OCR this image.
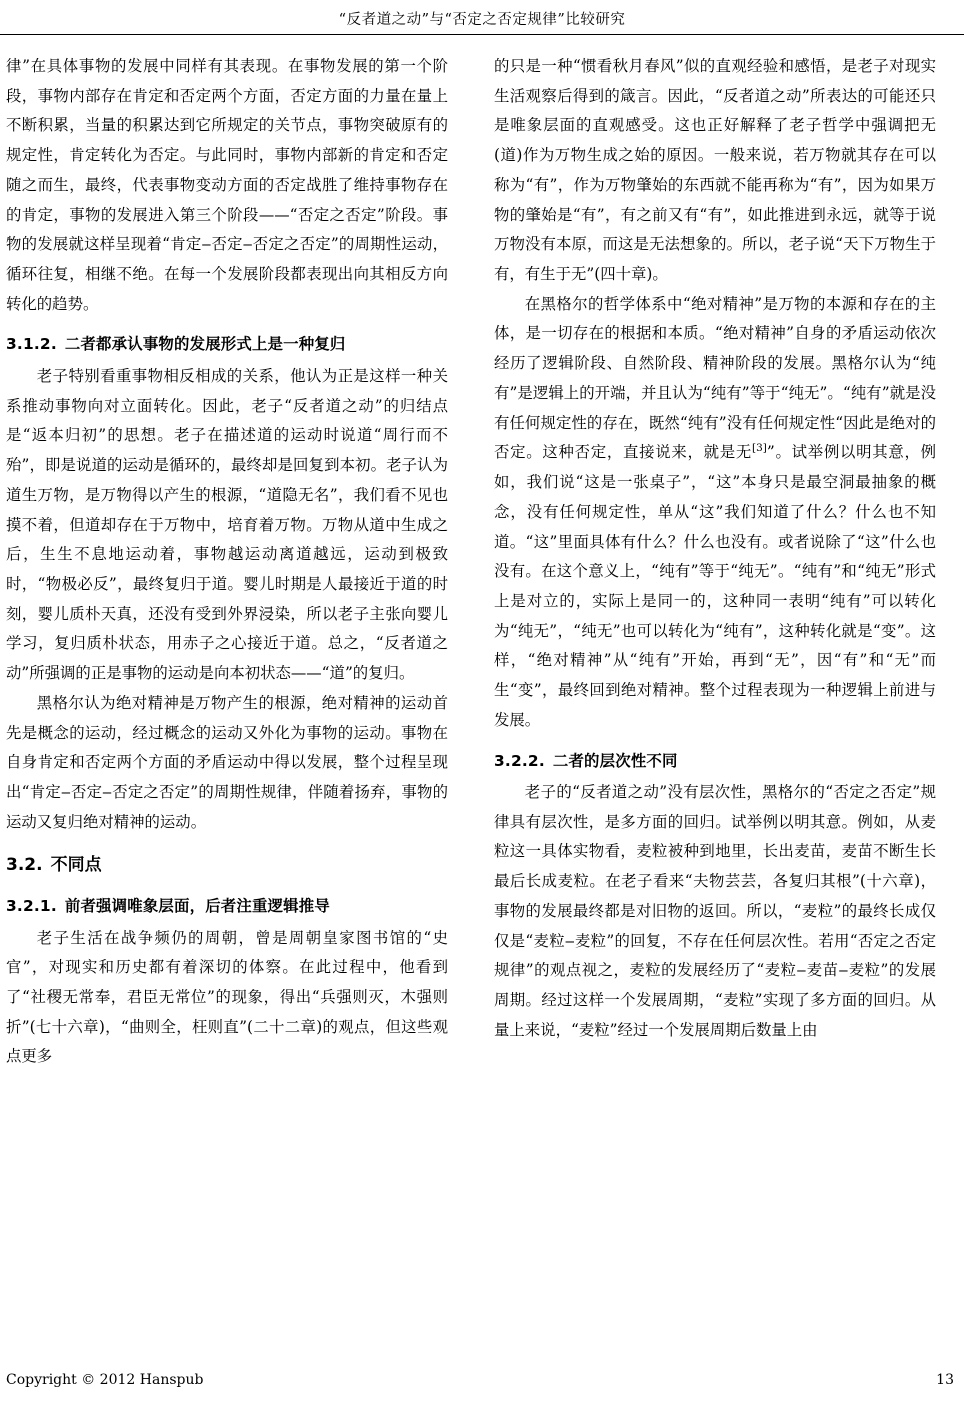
“反者道之动”与“否定之否定规律”比较研究

律”在具体事物的发展中同样有其表现。在事物发展的第一个阶段，事物内部存在肯定和否定两个方面，否定方面的力量在量上不断积累，当量的积累达到它所规定的关节点，事物突破原有的规定性，肯定转化为否定。与此同时，事物内部新的肯定和否定随之而生，最终，代表事物变动方面的否定战胜了维持事物存在的肯定，事物的发展进入第三个阶段——“否定之否定”阶段。事物的发展就这样呈现着“肯定‒否定‒否定之否定”的周期性运动，循环往复，相继不绝。在每一个发展阶段都表现出向其相反方向转化的趋势。

3.1.2. 二者都承认事物的发展形式上是一种复归

老子特别看重事物相反相成的关系，他认为正是这样一种关系推动事物向对立面转化。因此，老子“反者道之动”的归结点是“返本归初”的思想。老子在描述道的运动时说道“周行而不殆”，即是说道的运动是循环的，最终却是回复到本初。老子认为道生万物，是万物得以产生的根源，“道隐无名”，我们看不见也摸不着，但道却存在于万物中，培育着万物。万物从道中生成之后，生生不息地运动着，事物越运动离道越远，运动到极致时，“物极必反”，最终复归于道。婴儿时期是人最接近于道的时刻，婴儿质朴天真，还没有受到外界浸染，所以老子主张向婴儿学习，复归质朴状态，用赤子之心接近于道。总之，“反者道之动”所强调的正是事物的运动是向本初状态——“道”的复归。

黑格尔认为绝对精神是万物产生的根源，绝对精神的运动首先是概念的运动，经过概念的运动又外化为事物的运动。事物在自身肯定和否定两个方面的矛盾运动中得以发展，整个过程呈现出“肯定‒否定‒否定之否定”的周期性规律，伴随着扬弃，事物的运动又复归绝对精神的运动。

3.2. 不同点
3.2.1. 前者强调唯象层面，后者注重逻辑推导

老子生活在战争频仍的周朝，曾是周朝皇家图书馆的“史官”，对现实和历史都有着深切的体察。在此过程中，他看到了“社稷无常奉，君臣无常位”的现象，得出“兵强则灭，木强则折”(七十六章)，“曲则全，枉则直”(二十二章)的观点，但这些观点更多

的只是一种“惯看秋月春风”似的直观经验和感悟，是老子对现实生活观察后得到的箴言。因此，“反者道之动”所表达的可能还只是唯象层面的直观感受。这也正好解释了老子哲学中强调把无(道)作为万物生成之始的原因。一般来说，若万物就其存在可以称为“有”，作为万物肇始的东西就不能再称为“有”，因为如果万物的肇始是“有”，有之前又有“有”，如此推进到永远，就等于说万物没有本原，而这是无法想象的。所以，老子说“天下万物生于有，有生于无”(四十章)。

在黑格尔的哲学体系中“绝对精神”是万物的本源和存在的主体，是一切存在的根据和本质。“绝对精神”自身的矛盾运动依次经历了逻辑阶段、自然阶段、精神阶段的发展。黑格尔认为“纯有”是逻辑上的开端，并且认为“纯有”等于“纯无”。“纯有”就是没有任何规定性的存在，既然“纯有”没有任何规定性“因此是绝对的否定。这种否定，直接说来，就是无[3]”。试举例以明其意，例如，我们说“这是一张桌子”，“这”本身只是最空洞最抽象的概念，没有任何规定性，单从“这”我们知道了什么？什么也不知道。“这”里面具体有什么？什么也没有。或者说除了“这”什么也没有。在这个意义上，“纯有”等于“纯无”。“纯有”和“纯无”形式上是对立的，实际上是同一的，这种同一表明“纯有”可以转化为“纯无”，“纯无”也可以转化为“纯有”，这种转化就是“变”。这样，“绝对精神”从“纯有”开始，再到“无”，因“有”和“无”而生“变”，最终回到绝对精神。整个过程表现为一种逻辑上前进与发展。

3.2.2. 二者的层次性不同

老子的“反者道之动”没有层次性，黑格尔的“否定之否定”规律具有层次性，是多方面的回归。试举例以明其意。例如，从麦粒这一具体实物看，麦粒被种到地里，长出麦苗，麦苗不断生长最后长成麦粒。在老子看来“夫物芸芸，各复归其根”(十六章)，事物的发展最终都是对旧物的返回。所以，“麦粒”的最终长成仅仅是“麦粒‒麦粒”的回复，不存在任何层次性。若用“否定之否定规律”的观点视之，麦粒的发展经历了“麦粒‒麦苗‒麦粒”的发展周期。经过这样一个发展周期，“麦粒”实现了多方面的回归。从量上来说，“麦粒”经过一个发展周期后数量上由

Copyright © 2012 Hanspub	13
